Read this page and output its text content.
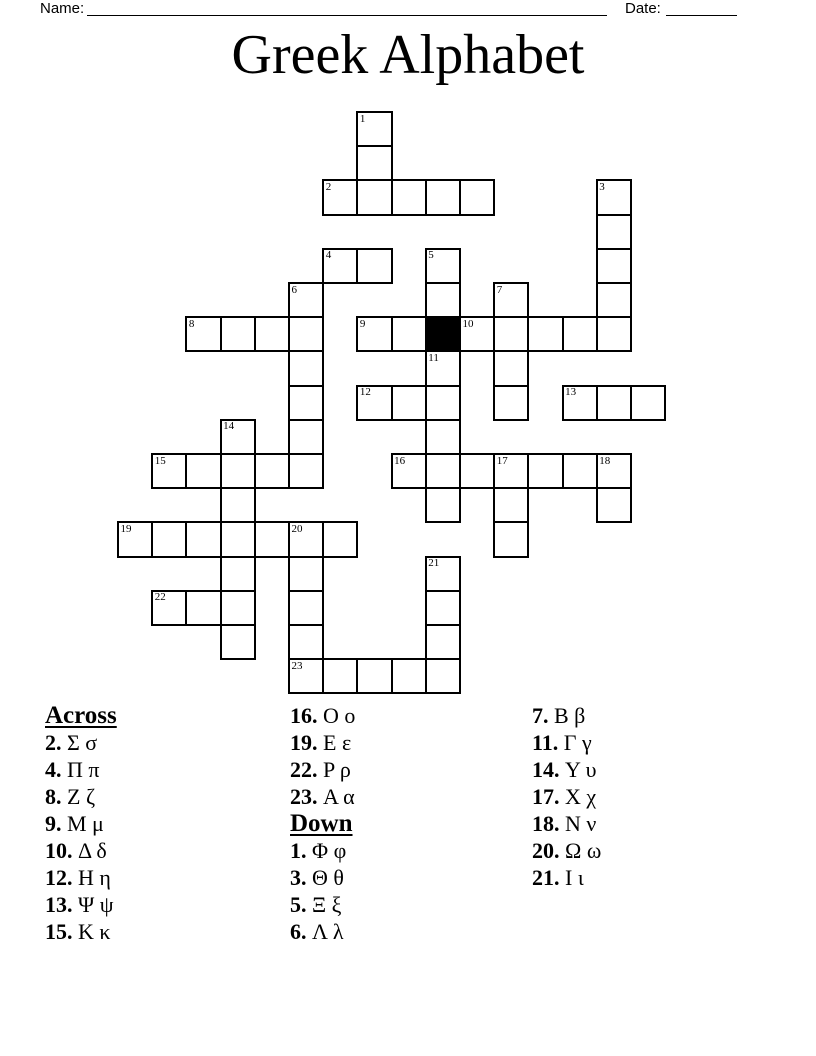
Name:	Date:
Greek Alphabet
1
2	3
4	5
6	7
8	9	10
11
12	13
14
15	16	17	18
19	20
21
22
23
Across
2. Σ σ
4. Π π
8. Z ζ
9. M μ
10. Δ δ
12. H η
13. Ψ ψ
15. K κ
16. O o
19. E ε
22. P ρ
23. A α
Down
1. Φ φ
3. Θ θ
5. Ξ ξ
6. Λ λ
7. B β
11. Γ γ
14. Y υ
17. X χ
18. N ν
20. Ω ω
21. I ι
